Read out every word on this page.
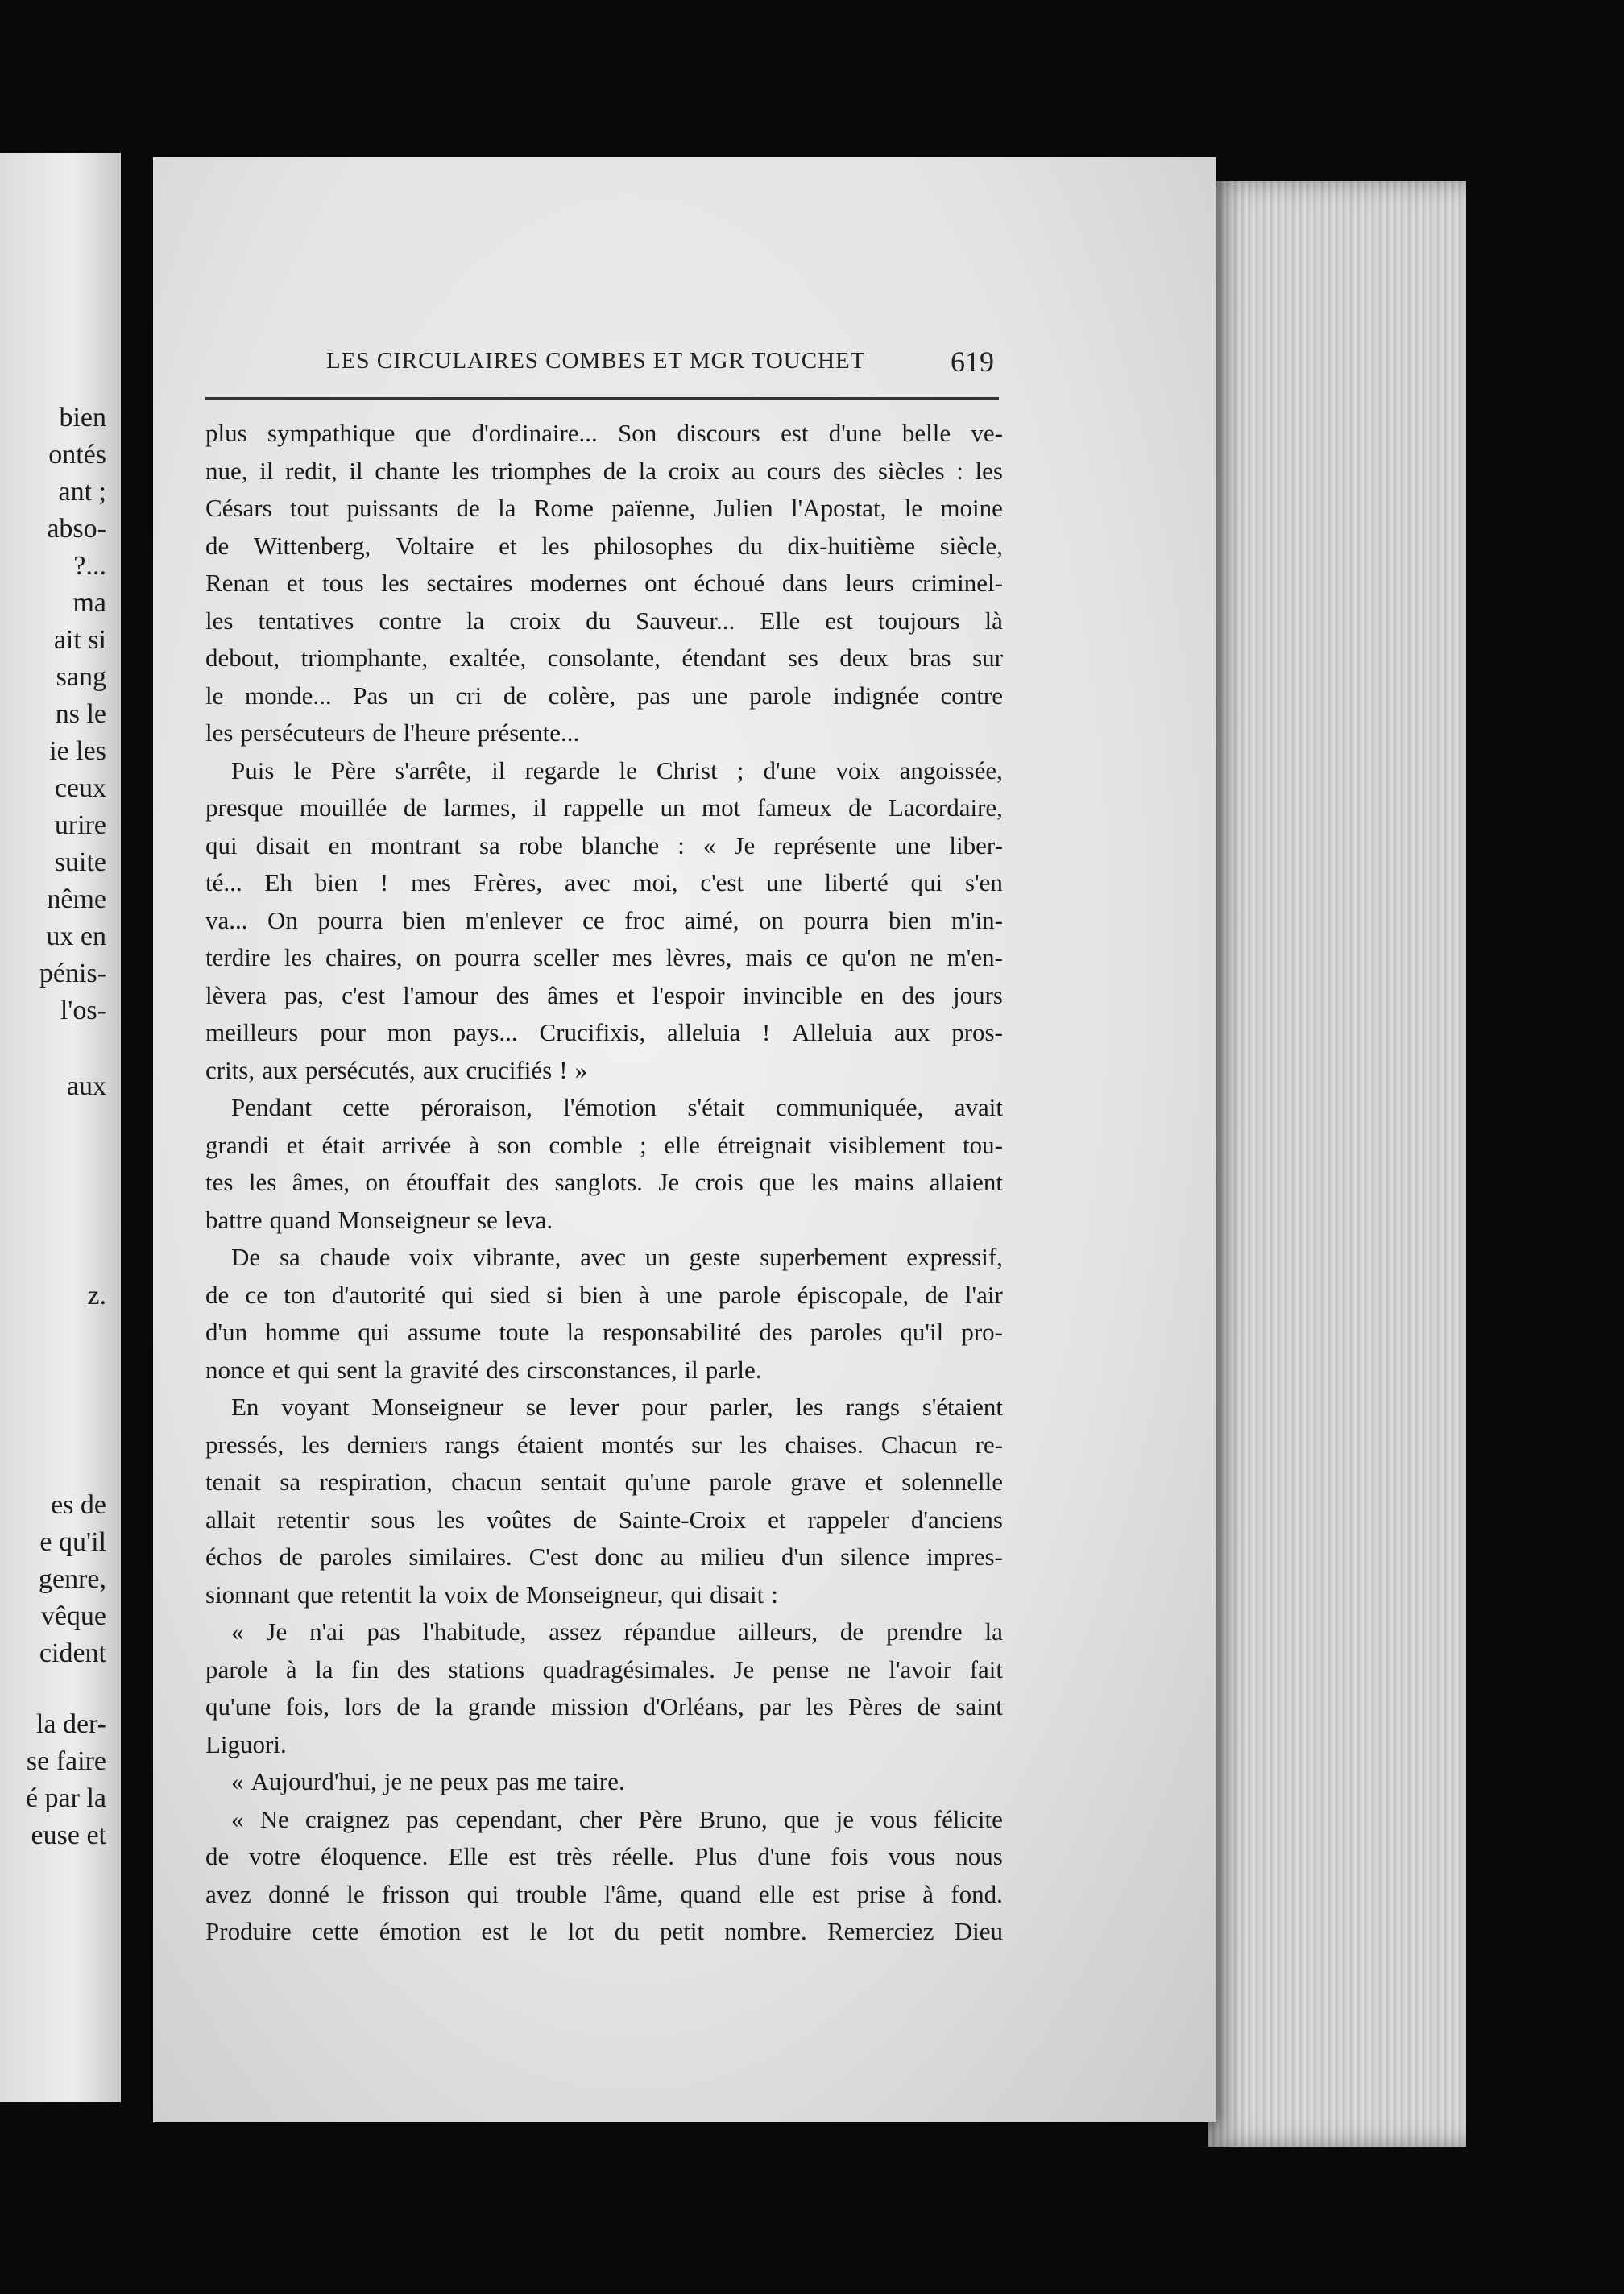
bien
ontés
ant ;
abso-
?...
ma
ait si
sang
ns le
ie les
ceux
urire
suite
nême
ux en
pénis-
l'os-
aux
z.
es de
e qu'il
genre,
vêque
cident
la der-
se faire
é par la
euse et
LES CIRCULAIRES COMBES ET MGR TOUCHET	619
plus sympathique que d'ordinaire... Son discours est d'une belle ve-
nue, il redit, il chante les triomphes de la croix au cours des siècles : les
Césars tout puissants de la Rome païenne, Julien l'Apostat, le moine
de Wittenberg, Voltaire et les philosophes du dix-huitième siècle,
Renan et tous les sectaires modernes ont échoué dans leurs criminel-
les tentatives contre la croix du Sauveur... Elle est toujours là
debout, triomphante, exaltée, consolante, étendant ses deux bras sur
le monde... Pas un cri de colère, pas une parole indignée contre
les persécuteurs de l'heure présente...
Puis le Père s'arrête, il regarde le Christ ; d'une voix angoissée,
presque mouillée de larmes, il rappelle un mot fameux de Lacordaire,
qui disait en montrant sa robe blanche : « Je représente une liber-
té... Eh bien ! mes Frères, avec moi, c'est une liberté qui s'en
va... On pourra bien m'enlever ce froc aimé, on pourra bien m'in-
terdire les chaires, on pourra sceller mes lèvres, mais ce qu'on ne m'en-
lèvera pas, c'est l'amour des âmes et l'espoir invincible en des jours
meilleurs pour mon pays... Crucifixis, alleluia ! Alleluia aux pros-
crits, aux persécutés, aux crucifiés ! »
Pendant cette péroraison, l'émotion s'était communiquée, avait
grandi et était arrivée à son comble ; elle étreignait visiblement tou-
tes les âmes, on étouffait des sanglots. Je crois que les mains allaient
battre quand Monseigneur se leva.
De sa chaude voix vibrante, avec un geste superbement expressif,
de ce ton d'autorité qui sied si bien à une parole épiscopale, de l'air
d'un homme qui assume toute la responsabilité des paroles qu'il pro-
nonce et qui sent la gravité des cirsconstances, il parle.
En voyant Monseigneur se lever pour parler, les rangs s'étaient
pressés, les derniers rangs étaient montés sur les chaises. Chacun re-
tenait sa respiration, chacun sentait qu'une parole grave et solennelle
allait retentir sous les voûtes de Sainte-Croix et rappeler d'anciens
échos de paroles similaires. C'est donc au milieu d'un silence impres-
sionnant que retentit la voix de Monseigneur, qui disait :
« Je n'ai pas l'habitude, assez répandue ailleurs, de prendre la
parole à la fin des stations quadragésimales. Je pense ne l'avoir fait
qu'une fois, lors de la grande mission d'Orléans, par les Pères de saint
Liguori.
« Aujourd'hui, je ne peux pas me taire.
« Ne craignez pas cependant, cher Père Bruno, que je vous félicite
de votre éloquence. Elle est très réelle. Plus d'une fois vous nous
avez donné le frisson qui trouble l'âme, quand elle est prise à fond.
Produire cette émotion est le lot du petit nombre. Remerciez Dieu
